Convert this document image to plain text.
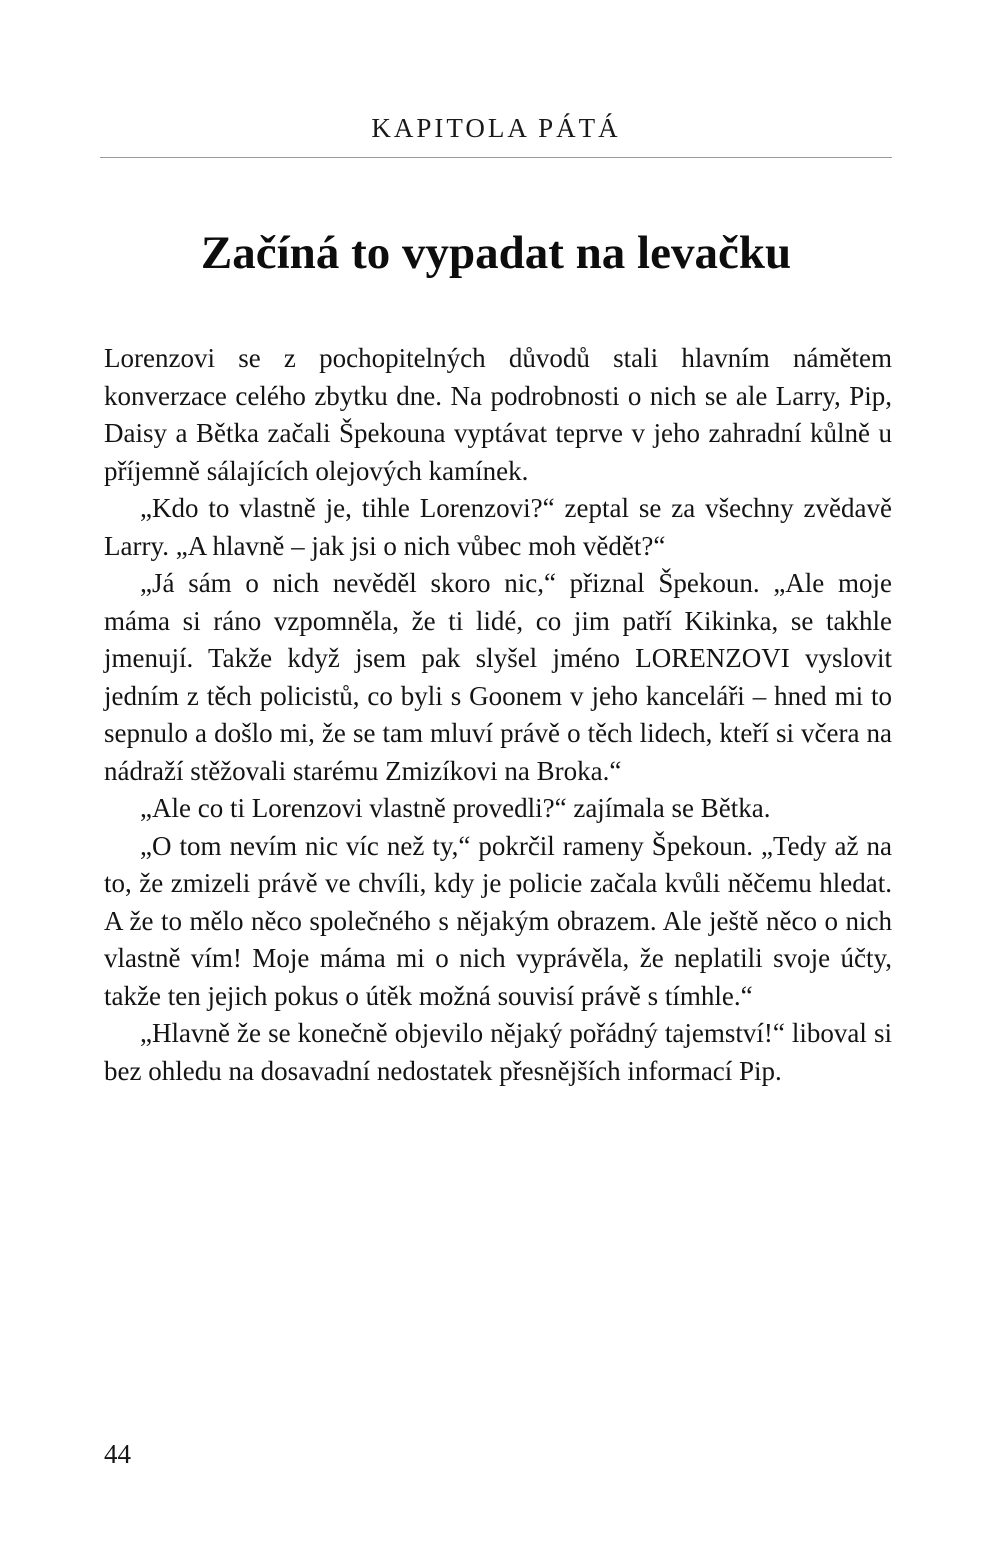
KAPITOLA PÁTÁ
Začíná to vypadat na levačku

Lorenzovi se z pochopitelných důvodů stali hlavním námětem konverzace celého zbytku dne. Na podrobnosti o nich se ale Larry, Pip, Daisy a Bětka začali Špekouna vyptávat teprve v jeho zahradní kůlně u příjemně sálajících olejových kamínek.

„Kdo to vlastně je, tihle Lorenzovi?“ zeptal se za všechny zvědavě Larry. „A hlavně – jak jsi o nich vůbec moh vědět?“

„Já sám o nich nevěděl skoro nic,“ přiznal Špekoun. „Ale moje máma si ráno vzpomněla, že ti lidé, co jim patří Kikinka, se takhle jmenují. Takže když jsem pak slyšel jméno LORENZOVI vyslovit jedním z těch policistů, co byli s Goonem v jeho kanceláři – hned mi to sepnulo a došlo mi, že se tam mluví právě o těch lidech, kteří si včera na nádraží stěžovali starému Zmizíkovi na Broka.“

„Ale co ti Lorenzovi vlastně provedli?“ zajímala se Bětka.

„O tom nevím nic víc než ty,“ pokrčil rameny Špekoun. „Tedy až na to, že zmizeli právě ve chvíli, kdy je policie začala kvůli něčemu hledat. A že to mělo něco společného s nějakým obrazem. Ale ještě něco o nich vlastně vím! Moje máma mi o nich vyprávěla, že neplatili svoje účty, takže ten jejich pokus o útěk možná souvisí právě s tímhle.“

„Hlavně že se konečně objevilo nějaký pořádný tajemství!“ liboval si bez ohledu na dosavadní nedostatek přesnějších informací Pip.

44
